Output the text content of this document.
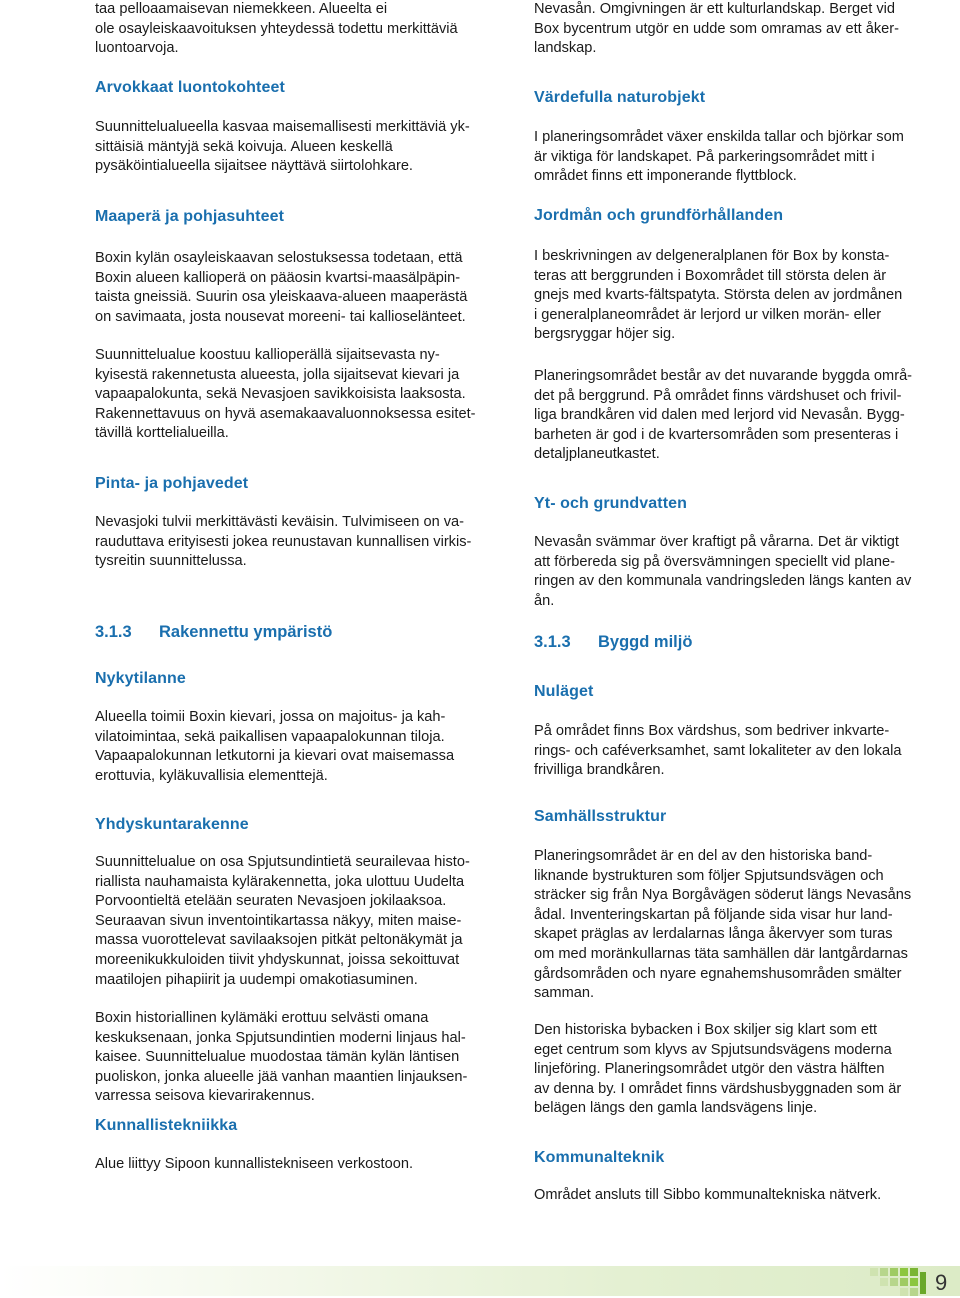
taa pelloaamaisevan niemekkeen. Alueelta ei
ole osayleiskaavoituksen yhteydessä todettu merkittäviä
luontoarvoja.

Arvokkaat luontokohteet

Suunnittelualueella kasvaa maisemallisesti merkittäviä yk-
sittäisiä mäntyjä sekä koivuja. Alueen keskellä
pysäköintialueella sijaitsee näyttävä siirtolohkare.

Maaperä ja pohjasuhteet

Boxin kylän osayleiskaavan selostuksessa todetaan, että
Boxin alueen kallioperä on pääosin kvartsi-maasälpäpin-
taista gneissiä. Suurin osa yleiskaava-alueen maaperästä
on savimaata, josta nousevat moreeni- tai kallioselänteet.

Suunnittelualue koostuu kallioperällä sijaitsevasta ny-
kyisestä rakennetusta alueesta, jolla sijaitsevat kievari ja
vapaapalokunta, sekä Nevasjoen savikkoisista laaksosta.
Rakennettavuus on hyvä asemakaavaluonnoksessa esitet-
tävillä korttelialueilla.

Pinta- ja pohjavedet

Nevasjoki tulvii merkittävästi keväisin. Tulvimiseen on va-
rauduttava erityisesti jokea reunustavan kunnallisen virkis-
tysreitin suunnittelussa.

3.1.3 Rakennettu ympäristö
Nykytilanne

Alueella toimii Boxin kievari, jossa on majoitus- ja kah-
vilatoimintaa, sekä paikallisen vapaapalokunnan tiloja.
Vapaapalokunnan letkutorni ja kievari ovat maisemassa
erottuvia, kyläkuvallisia elementtejä.

Yhdyskuntarakenne

Suunnittelualue on osa Spjutsundintietä seurailevaa histo-
riallista nauhamaista kylärakennetta, joka ulottuu Uudelta
Porvoontieltä etelään seuraten Nevasjoen jokilaaksoa.
Seuraavan sivun inventointikartassa näkyy, miten maise-
massa vuorottelevat savilaaksojen pitkät peltonäkymät ja
moreenikukkuloiden tiivit yhdyskunnat, joissa sekoittuvat
maatilojen pihapiirit ja uudempi omakotiasuminen.

Boxin historiallinen kylämäki erottuu selvästi omana
keskuksenaan, jonka Spjutsundintien moderni linjaus hal-
kaisee. Suunnittelualue muodostaa tämän kylän läntisen
puoliskon, jonka alueelle jää vanhan maantien linjauksen-
varressa seisova kievarirakennus.

Kunnallistekniikka

Alue liittyy Sipoon kunnallistekniseen verkostoon.

Nevasån. Omgivningen är ett kulturlandskap. Berget vid
Box bycentrum utgör en udde som omramas av ett åker-
landskap.

Värdefulla naturobjekt

I planeringsområdet växer enskilda tallar och björkar som
är viktiga för landskapet. På parkeringsområdet mitt i
området finns ett imponerande flyttblock.

Jordmån och grundförhållanden

I beskrivningen av delgeneralplanen för Box by konsta-
teras att berggrunden i Boxområdet till största delen är
gnejs med kvarts-fältspatyta. Största delen av jordmånen
i generalplaneområdet är lerjord ur vilken morän- eller
bergsryggar höjer sig.

Planeringsområdet består av det nuvarande byggda områ-
det på berggrund. På området finns värdshuset och frivil-
liga brandkåren vid dalen med lerjord vid Nevasån. Bygg-
barheten är god i de kvartersområden som presenteras i
detaljplaneutkastet.

Yt- och grundvatten

Nevasån svämmar över kraftigt på vårarna. Det är viktigt
att förbereda sig på översvämningen speciellt vid plane-
ringen av den kommunala vandringsleden längs kanten av
ån.

3.1.3 Byggd miljö
Nuläget

På området finns Box värdshus, som bedriver inkvarte-
rings- och caféverksamhet, samt lokaliteter av den lokala
frivilliga brandkåren.

Samhällsstruktur

Planeringsområdet är en del av den historiska band-
liknande bystrukturen som följer Spjutsundsvägen och
sträcker sig från Nya Borgåvägen söderut längs Nevasåns
ådal. Inventeringskartan på följande sida visar hur land-
skapet präglas av lerdalarnas långa åkervyer som turas
om med moränkullarnas täta samhällen där lantgårdarnas
gårdsområden och nyare egnahemshusområden smälter
samman.

Den historiska bybacken i Box skiljer sig klart som ett
eget centrum som klyvs av Spjutsundsvägens moderna
linjeföring. Planeringsområdet utgör den västra hälften
av denna by. I området finns värdshusbyggnaden som är
belägen längs den gamla landsvägens linje.

Kommunalteknik

Området ansluts till Sibbo kommunaltekniska nätverk.

9
